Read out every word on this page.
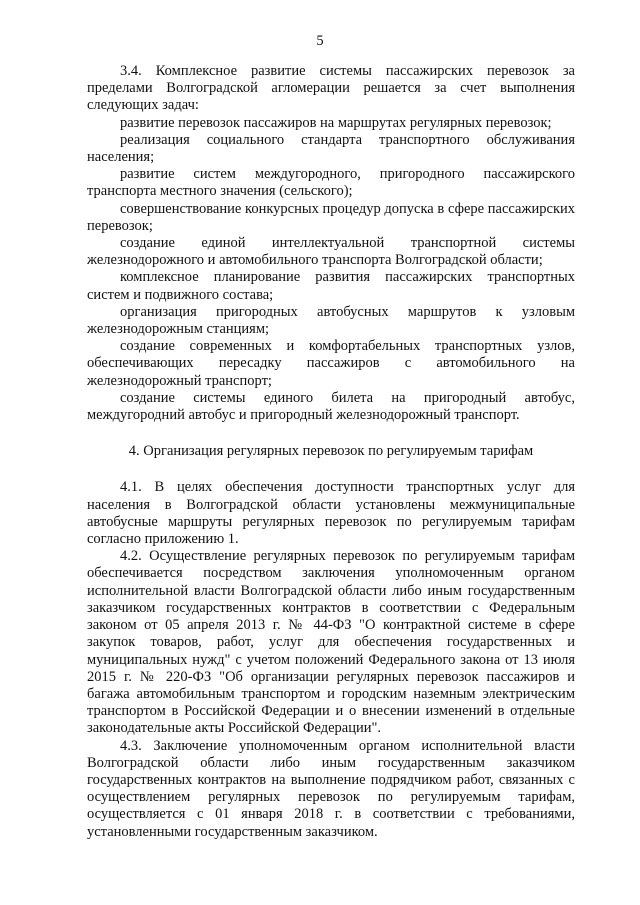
5

3.4. Комплексное развитие системы пассажирских перевозок за пределами Волгоградской агломерации решается за счет выполнения следующих задач:

развитие перевозок пассажиров на маршрутах регулярных перевозок;

реализация социального стандарта транспортного обслуживания населения;

развитие систем междугородного, пригородного пассажирского транспорта местного значения (сельского);

совершенствование конкурсных процедур допуска в сфере пассажирских перевозок;

создание единой интеллектуальной транспортной системы железнодорожного и автомобильного транспорта Волгоградской области;

комплексное планирование развития пассажирских транспортных систем и подвижного состава;

организация пригородных автобусных маршрутов к узловым железнодорожным станциям;

создание современных и комфортабельных транспортных узлов, обеспечивающих пересадку пассажиров с автомобильного на железнодорожный транспорт;

создание системы единого билета на пригородный автобус, междугородний автобус и пригородный железнодорожный транспорт.

4. Организация регулярных перевозок по регулируемым тарифам

4.1. В целях обеспечения доступности транспортных услуг для населения в Волгоградской области установлены межмуниципальные автобусные маршруты регулярных перевозок по регулируемым тарифам согласно приложению 1.

4.2. Осуществление регулярных перевозок по регулируемым тарифам обеспечивается посредством заключения уполномоченным органом исполнительной власти Волгоградской области либо иным государственным заказчиком государственных контрактов в соответствии с Федеральным законом от 05 апреля 2013 г. № 44-ФЗ "О контрактной системе в сфере закупок товаров, работ, услуг для обеспечения государственных и муниципальных нужд" с учетом положений Федерального закона от 13 июля 2015 г. № 220-ФЗ "Об организации регулярных перевозок пассажиров и багажа автомобильным транспортом и городским наземным электрическим транспортом в Российской Федерации и о внесении изменений в отдельные законодательные акты Российской Федерации".

4.3. Заключение уполномоченным органом исполнительной власти Волгоградской области либо иным государственным заказчиком государственных контрактов на выполнение подрядчиком работ, связанных с осуществлением регулярных перевозок по регулируемым тарифам, осуществляется с 01 января 2018 г. в соответствии с требованиями, установленными государственным заказчиком.
